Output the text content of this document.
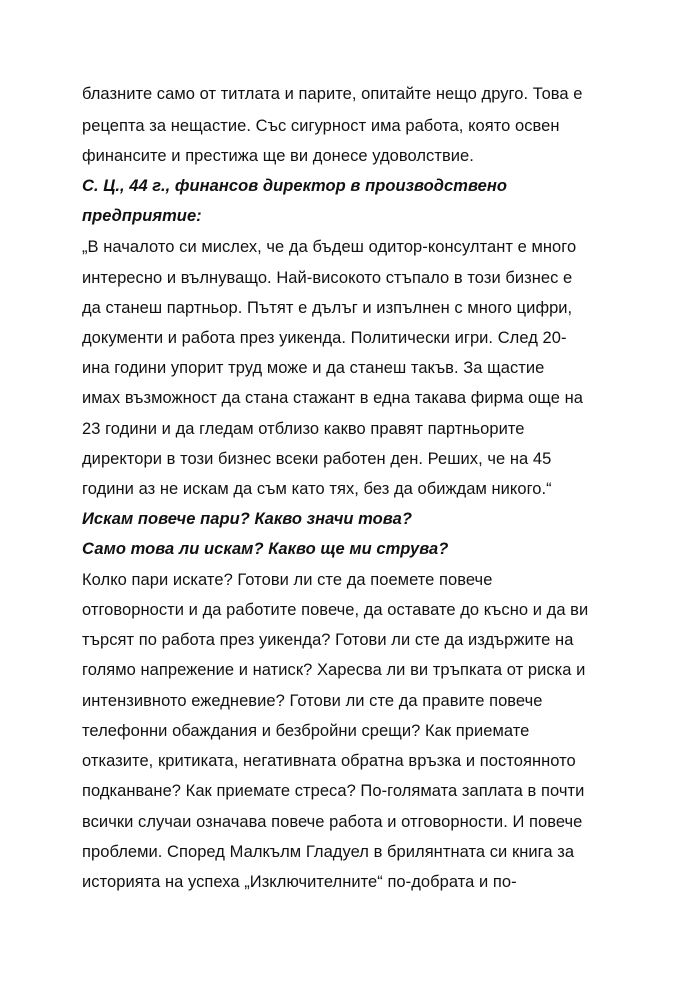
блазните само от титлата и парите, опитайте нещо друго. Това е
рецепта за нещастие. Със сигурност има работа, която освен
финансите и престижа ще ви донесе удоволствие.
С. Ц., 44 г., финансов директор в производствено
предприятие:
„В началото си мислех, че да бъдеш одитор-консултант е много
интересно и вълнуващо. Най-високото стъпало в този бизнес е
да станеш партньор. Пътят е дълъг и изпълнен с много цифри,
документи и работа през уикенда. Политически игри. След 20-
ина години упорит труд може и да станеш такъв. За щастие
имах възможност да стана стажант в една такава фирма още на
23 години и да гледам отблизо какво правят партньорите
директори в този бизнес всеки работен ден. Реших, че на 45
години аз не искам да съм като тях, без да обиждам никого.“
Искам повече пари? Какво значи това?
Само това ли искам? Какво ще ми струва?
Колко пари искате? Готови ли сте да поемете повече
отговорности и да работите повече, да оставате до късно и да ви
търсят по работа през уикенда? Готови ли сте да издържите на
голямо напрежение и натиск? Харесва ли ви тръпката от риска и
интензивното ежедневие? Готови ли сте да правите повече
телефонни обаждания и безбройни срещи? Как приемате
отказите, критиката, негативната обратна връзка и постоянното
подканване? Как приемате стреса? По-голямата заплата в почти
всички случаи означава повече работа и отговорности. И повече
проблеми. Според Малкълм Гладуел в брилянтната си книга за
историята на успеха „Изключителните“ по-добрата и по-
